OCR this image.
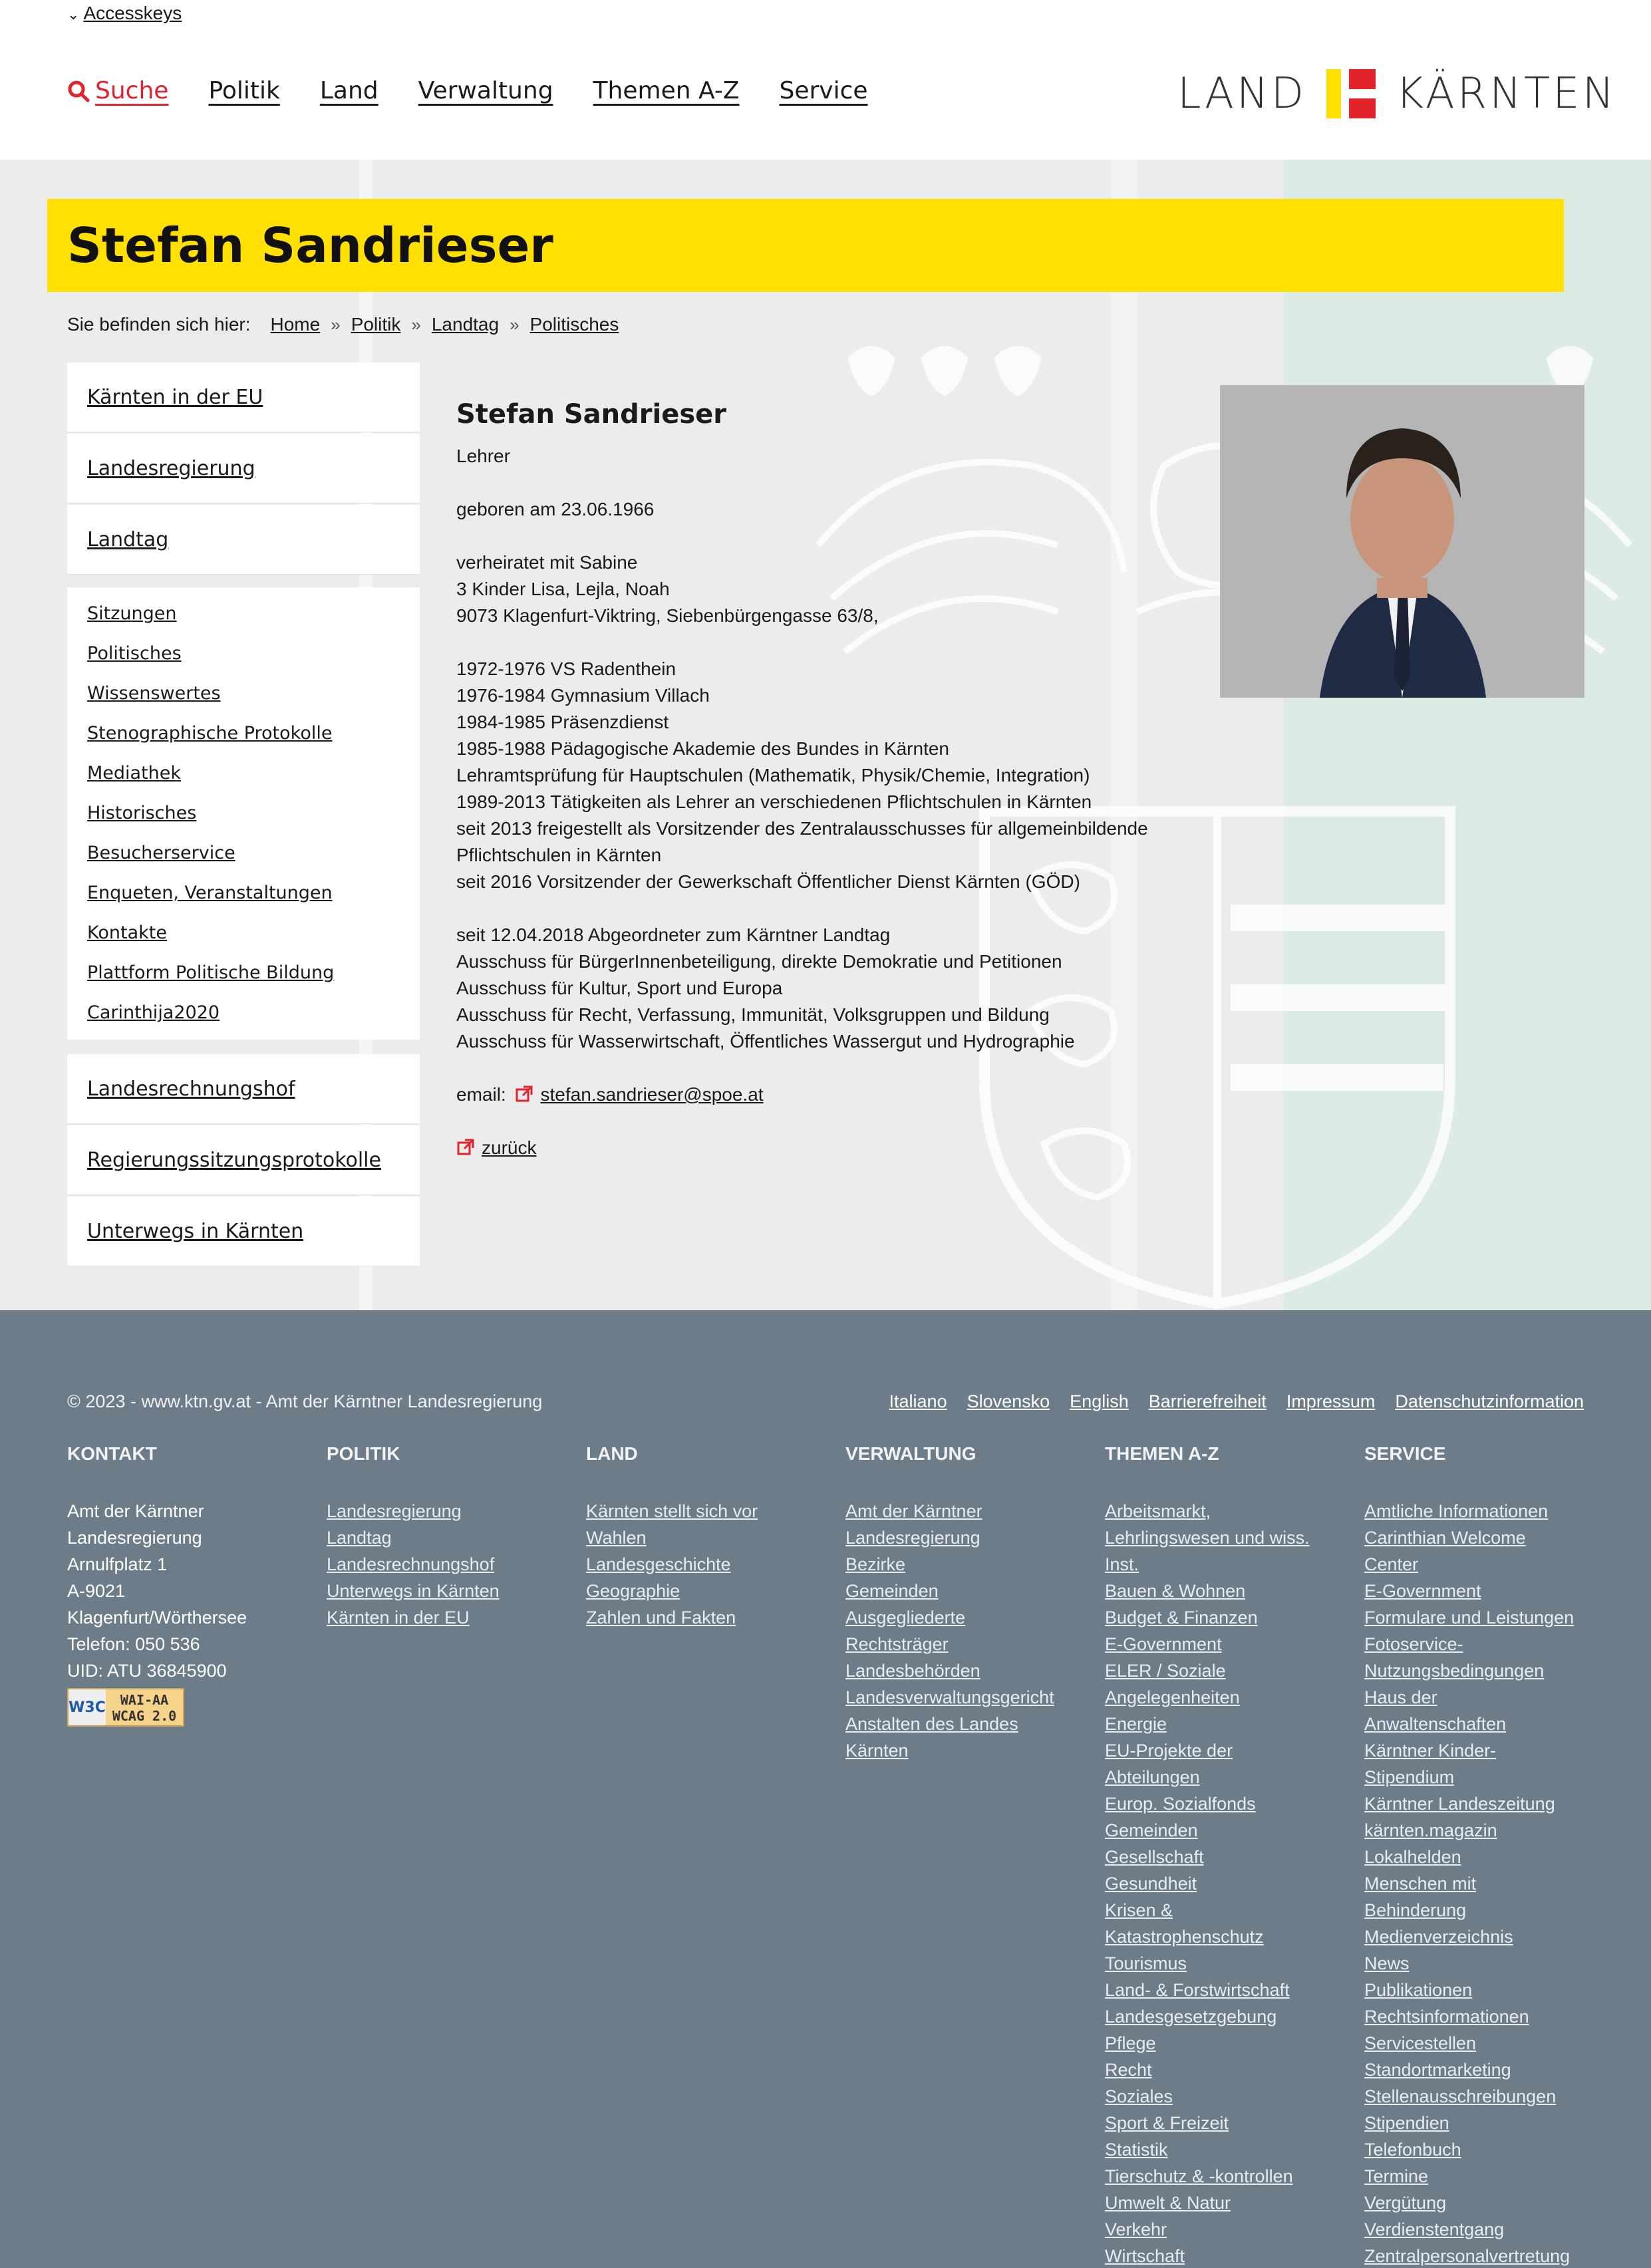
⌄ Accesskeys
Suche Politik Land Verwaltung Themen A-Z Service	LAND KÄRNTEN
Stefan Sandrieser
Sie befinden sich hier: Home » Politik » Landtag » Politisches
Kärnten in der EU
Landesregierung
Landtag
Sitzungen
Politisches
Wissenswertes
Stenographische Protokolle
Mediathek
Historisches
Besucherservice
Enqueten, Veranstaltungen
Kontakte
Plattform Politische Bildung
Carinthija2020
Landesrechnungshof
Regierungssitzungsprotokolle
Unterwegs in Kärnten
Stefan Sandrieser
Lehrer
geboren am 23.06.1966
verheiratet mit Sabine
3 Kinder Lisa, Lejla, Noah
9073 Klagenfurt-Viktring, Siebenbürgengasse 63/8,
1972-1976 VS Radenthein
1976-1984 Gymnasium Villach
1984-1985 Präsenzdienst
1985-1988 Pädagogische Akademie des Bundes in Kärnten
Lehramtsprüfung für Hauptschulen (Mathematik, Physik/Chemie, Integration)
1989-2013 Tätigkeiten als Lehrer an verschiedenen Pflichtschulen in Kärnten
seit 2013 freigestellt als Vorsitzender des Zentralausschusses für allgemeinbildende
Pflichtschulen in Kärnten
seit 2016 Vorsitzender der Gewerkschaft Öffentlicher Dienst Kärnten (GÖD)
seit 12.04.2018 Abgeordneter zum Kärntner Landtag
Ausschuss für BürgerInnenbeteiligung, direkte Demokratie und Petitionen
Ausschuss für Kultur, Sport und Europa
Ausschuss für Recht, Verfassung, Immunität, Volksgruppen und Bildung
Ausschuss für Wasserwirtschaft, Öffentliches Wassergut und Hydrographie
email: stefan.sandrieser@spoe.at
zurück
© 2023 - www.ktn.gv.at - Amt der Kärntner Landesregierung	Italiano Slovensko English Barrierefreiheit Impressum Datenschutzinformation
KONTAKT
Amt der Kärntner
Landesregierung
Arnulfplatz 1
A-9021
Klagenfurt/Wörthersee
Telefon: 050 536
UID: ATU 36845900
W3C	WAI-AA
WCAG 2.0
POLITIK
Landesregierung
Landtag
Landesrechnungshof
Unterwegs in Kärnten
Kärnten in der EU
LAND
Kärnten stellt sich vor
Wahlen
Landesgeschichte
Geographie
Zahlen und Fakten
VERWALTUNG
Amt der Kärntner
Landesregierung
Bezirke
Gemeinden
Ausgegliederte
Rechtsträger
Landesbehörden
Landesverwaltungsgericht
Anstalten des Landes
Kärnten
THEMEN A-Z
Arbeitsmarkt,
Lehrlingswesen und wiss.
Inst.
Bauen & Wohnen
Budget & Finanzen
E-Government
ELER / Soziale
Angelegenheiten
Energie
EU-Projekte der
Abteilungen
Europ. Sozialfonds
Gemeinden
Gesellschaft
Gesundheit
Krisen &
Katastrophenschutz
Tourismus
Land- & Forstwirtschaft
Landesgesetzgebung
Pflege
Recht
Soziales
Sport & Freizeit
Statistik
Tierschutz & -kontrollen
Umwelt & Natur
Verkehr
Wirtschaft
SERVICE
Amtliche Informationen
Carinthian Welcome
Center
E-Government
Formulare und Leistungen
Fotoservice-
Nutzungsbedingungen
Haus der
Anwaltenschaften
Kärntner Kinder-
Stipendium
Kärntner Landeszeitung
kärnten.magazin
Lokalhelden
Menschen mit
Behinderung
Medienverzeichnis
News
Publikationen
Rechtsinformationen
Servicestellen
Standortmarketing
Stellenausschreibungen
Stipendien
Telefonbuch
Termine
Vergütung
Verdienstentgang
Zentralpersonalvertretung
